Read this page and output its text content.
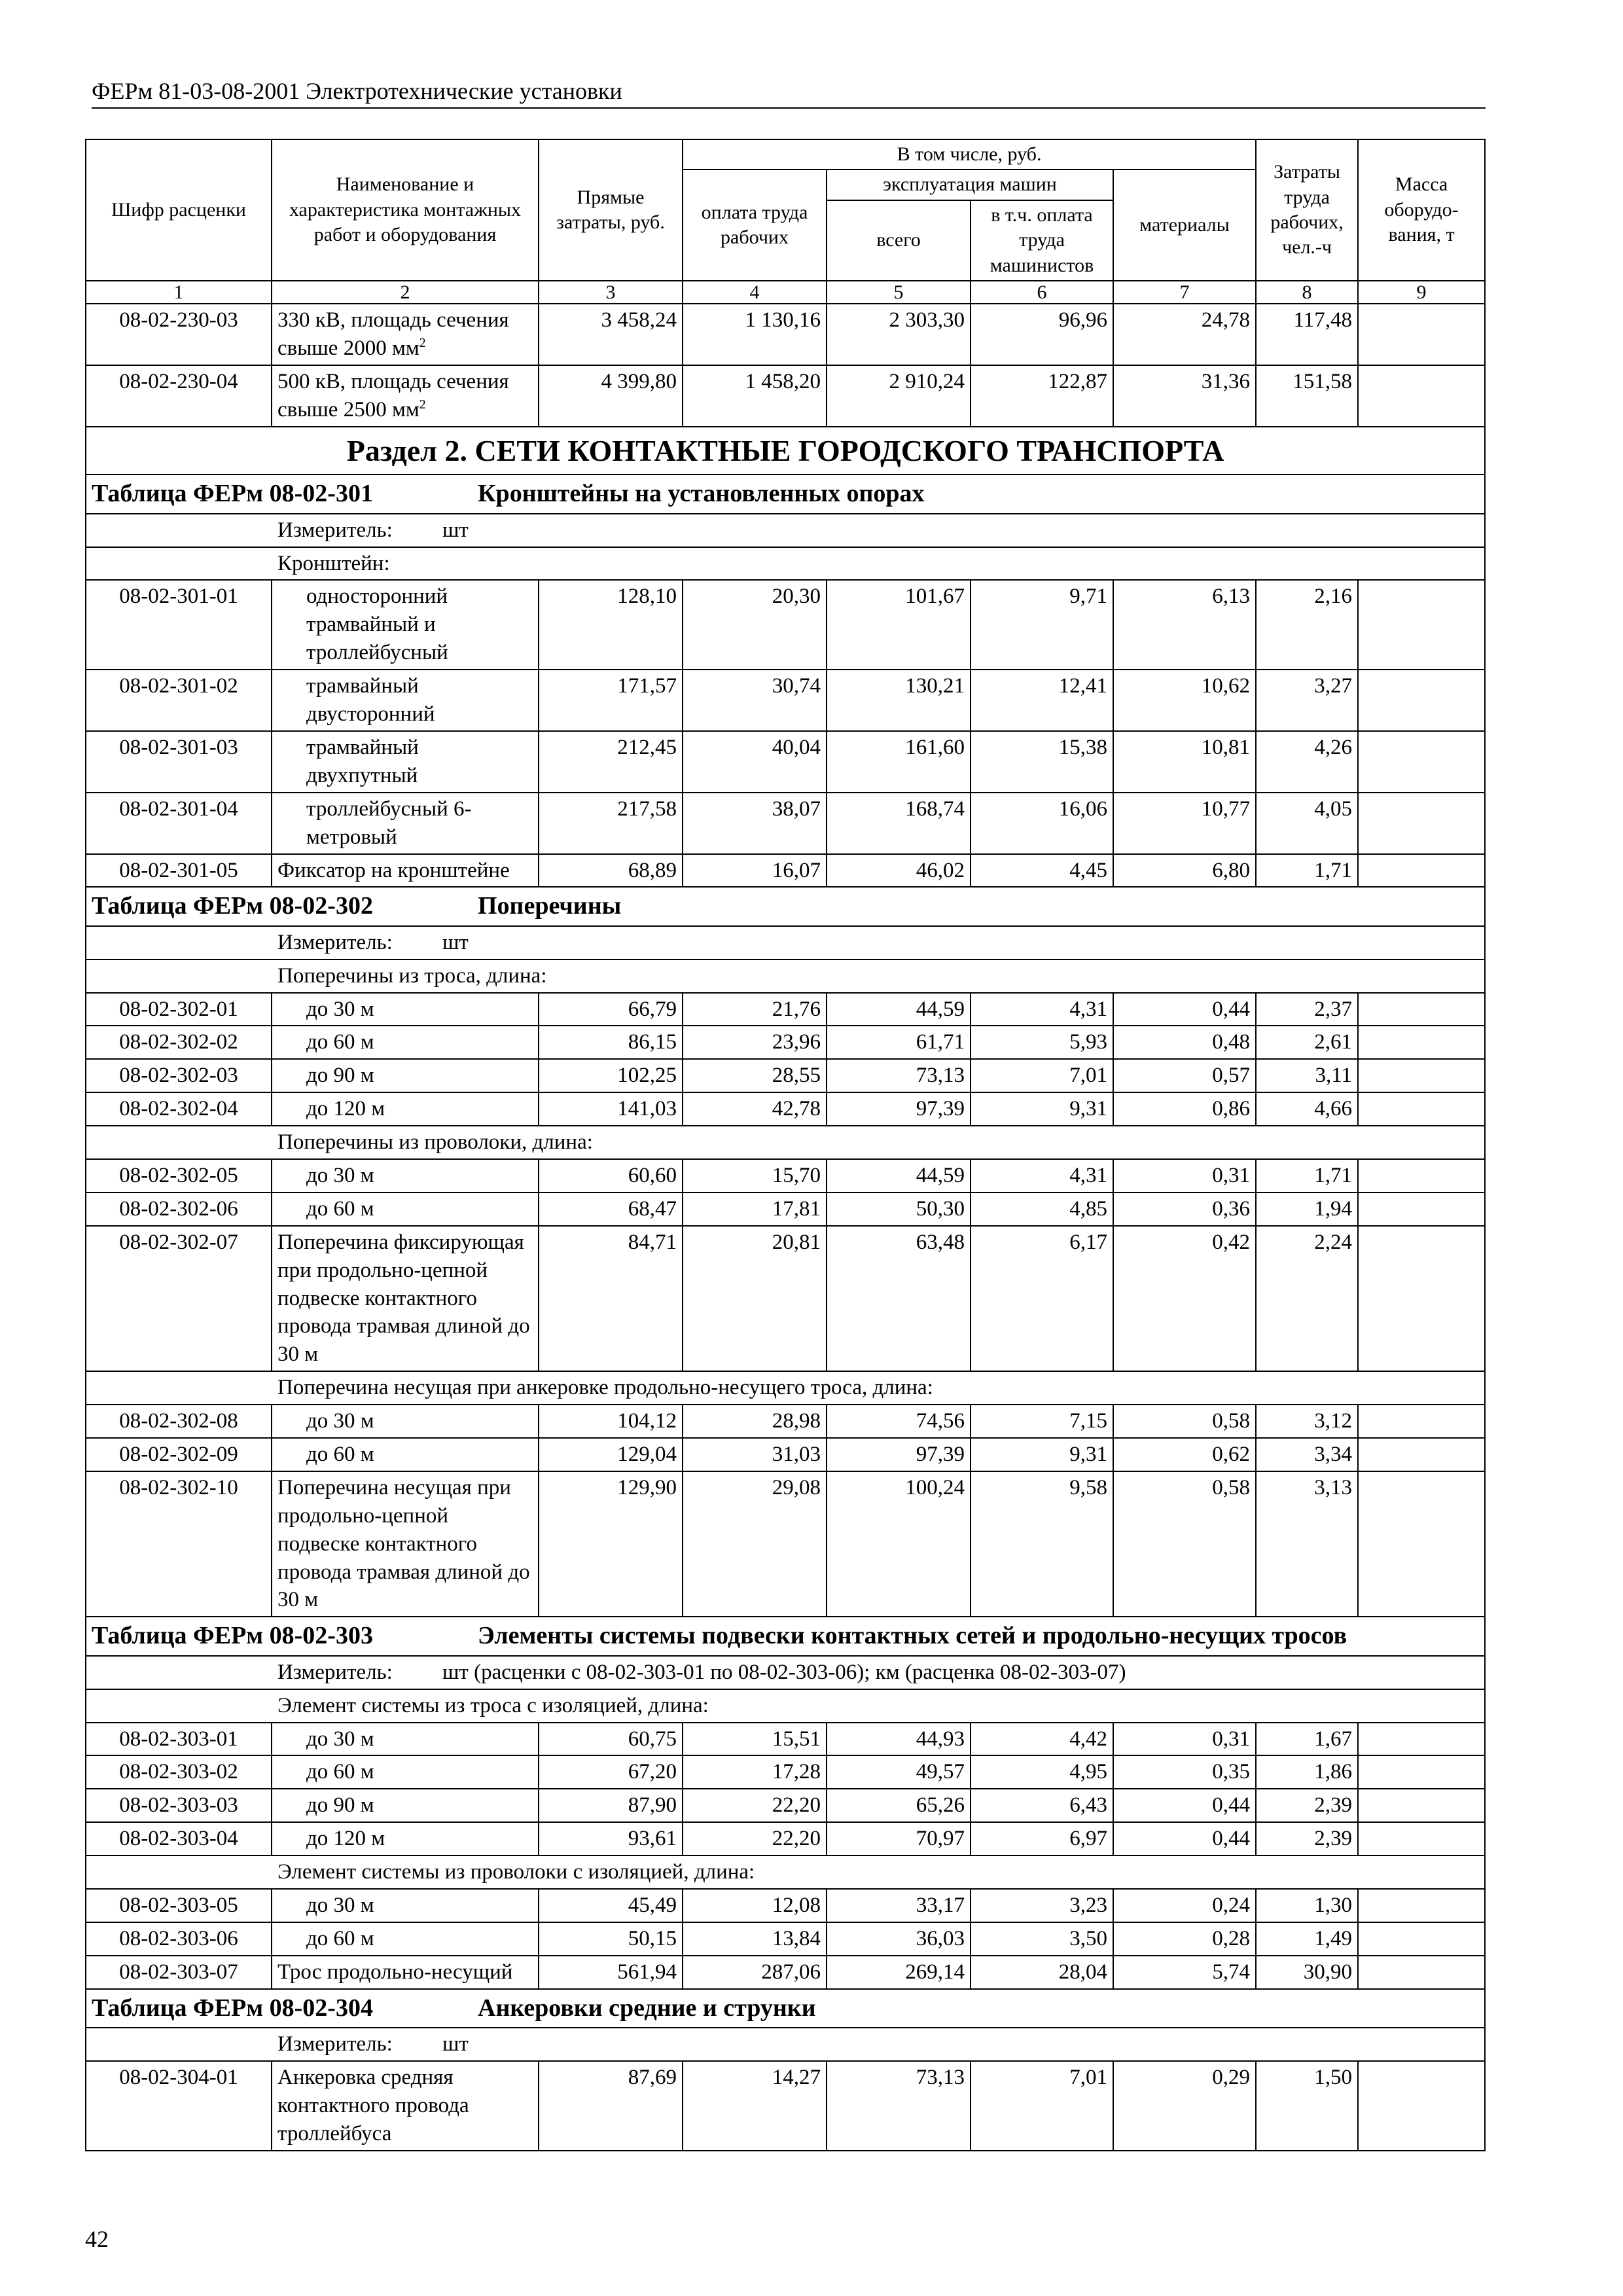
ФЕРм 81-03-08-2001 Электротехнические установки
Шифр расценки	Наименование и характеристика монтажных работ и оборудования	Прямые затраты, руб.	В том числе, руб.				Затраты труда рабочих, чел.-ч	Масса оборудо-вания, т
			оплата труда рабочих	эксплуатация машин		материалы		
				всего	в т.ч. оплата труда машинистов			
1	2	3	4	5	6	7	8	9
08-02-230-03	330 кВ, площадь сечения свыше 2000 $мм^2$	3 458,24	1 130,16	2 303,30	96,96	24,78	117,48	
08-02-230-04	500 кВ, площадь сечения свыше 2500 $мм^2$	4 399,80	1 458,20	2 910,24	122,87	31,36	151,58	
Раздел 2. СЕТИ КОНТАКТНЫЕ ГОРОДСКОГО ТРАНСПОРТА								
Таблица ФЕРм 08-02-301 Кронштейны на установленных опорах								
Измеритель: шт								
Кронштейн:								
08-02-301-01	односторонний трамвайный и троллейбусный	128,10	20,30	101,67	9,71	6,13	2,16	
08-02-301-02	трамвайный двусторонний	171,57	30,74	130,21	12,41	10,62	3,27	
08-02-301-03	трамвайный двухпутный	212,45	40,04	161,60	15,38	10,81	4,26	
08-02-301-04	троллейбусный 6-метровый	217,58	38,07	168,74	16,06	10,77	4,05	
08-02-301-05	Фиксатор на кронштейне	68,89	16,07	46,02	4,45	6,80	1,71	
Таблица ФЕРм 08-02-302 Поперечины								
Измеритель: шт								
Поперечины из троса, длина:								
08-02-302-01	до 30 м	66,79	21,76	44,59	4,31	0,44	2,37	
08-02-302-02	до 60 м	86,15	23,96	61,71	5,93	0,48	2,61	
08-02-302-03	до 90 м	102,25	28,55	73,13	7,01	0,57	3,11	
08-02-302-04	до 120 м	141,03	42,78	97,39	9,31	0,86	4,66	
Поперечины из проволоки, длина:								
08-02-302-05	до 30 м	60,60	15,70	44,59	4,31	0,31	1,71	
08-02-302-06	до 60 м	68,47	17,81	50,30	4,85	0,36	1,94	
08-02-302-07	Поперечина фиксирующая при продольно-цепной подвеске контактного провода трамвая длиной до 30 м	84,71	20,81	63,48	6,17	0,42	2,24	
Поперечина несущая при анкеровке продольно-несущего троса, длина:								
08-02-302-08	до 30 м	104,12	28,98	74,56	7,15	0,58	3,12	
08-02-302-09	до 60 м	129,04	31,03	97,39	9,31	0,62	3,34	
08-02-302-10	Поперечина несущая при продольно-цепной подвеске контактного провода трамвая длиной до 30 м	129,90	29,08	100,24	9,58	0,58	3,13	
Таблица ФЕРм 08-02-303 Элементы системы подвески контактных сетей и продольно-несущих тросов								
Измеритель: шт (расценки с 08-02-303-01 по 08-02-303-06); км (расценка 08-02-303-07)								
Элемент системы из троса с изоляцией, длина:								
08-02-303-01	до 30 м	60,75	15,51	44,93	4,42	0,31	1,67	
08-02-303-02	до 60 м	67,20	17,28	49,57	4,95	0,35	1,86	
08-02-303-03	до 90 м	87,90	22,20	65,26	6,43	0,44	2,39	
08-02-303-04	до 120 м	93,61	22,20	70,97	6,97	0,44	2,39	
Элемент системы из проволоки с изоляцией, длина:								
08-02-303-05	до 30 м	45,49	12,08	33,17	3,23	0,24	1,30	
08-02-303-06	до 60 м	50,15	13,84	36,03	3,50	0,28	1,49	
08-02-303-07	Трос продольно-несущий	561,94	287,06	269,14	28,04	5,74	30,90	
Таблица ФЕРм 08-02-304 Анкеровки средние и струнки								
Измеритель: шт								
08-02-304-01	Анкеровка средняя контактного провода троллейбуса	87,69	14,27	73,13	7,01	0,29	1,50	
42
